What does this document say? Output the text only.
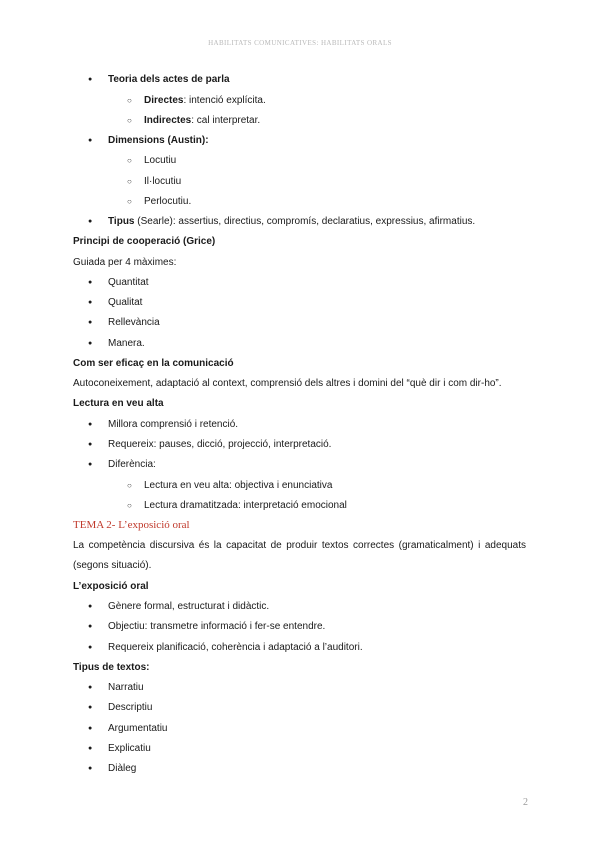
HABILITATS COMUNICATIVES: HABILITATS ORALS
● Teoria dels actes de parla
○ Directes: intenció explícita.
○ Indirectes: cal interpretar.
● Dimensions (Austin):
○ Locutiu
○ Il·locutiu
○ Perlocutiu.
● Tipus (Searle): assertius, directius, compromís, declaratius, expressius, afirmatius.
Principi de cooperació (Grice)
Guiada per 4 màximes:
● Quantitat
● Qualitat
● Rellevància
● Manera.
Com ser eficaç en la comunicació
Autoconeixement, adaptació al context, comprensió dels altres i domini del “què dir i com dir-ho”.
Lectura en veu alta
● Millora comprensió i retenció.
● Requereix: pauses, dicció, projecció, interpretació.
● Diferència:
○ Lectura en veu alta: objectiva i enunciativa
○ Lectura dramatitzada: interpretació emocional
TEMA 2- L’exposició oral
La competència discursiva és la capacitat de produir textos correctes (gramaticalment) i adequats
(segons situació).
L’exposició oral
● Gènere formal, estructurat i didàctic.
● Objectiu: transmetre informació i fer-se entendre.
● Requereix planificació, coherència i adaptació a l’auditori.
Tipus de textos:
● Narratiu
● Descriptiu
● Argumentatiu
● Explicatiu
● Diàleg
2
